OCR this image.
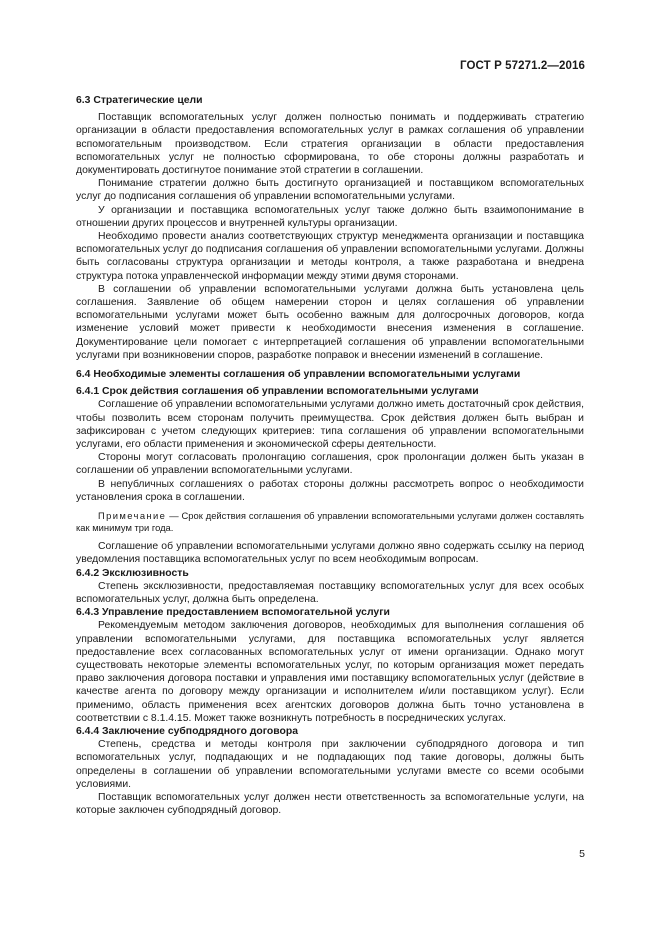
ГОСТ Р 57271.2—2016
6.3 Стратегические цели

Поставщик вспомогательных услуг должен полностью понимать и поддерживать стратегию организации в области предоставления вспомогательных услуг в рамках соглашения об управлении вспомогательным производством. Если стратегия организации в области предоставления вспомогательных услуг не полностью сформирована, то обе стороны должны разработать и документировать достигнутое понимание этой стратегии в соглашении.

Понимание стратегии должно быть достигнуто организацией и поставщиком вспомогательных услуг до подписания соглашения об управлении вспомогательными услугами.

У организации и поставщика вспомогательных услуг также должно быть взаимопонимание в отношении других процессов и внутренней культуры организации.

Необходимо провести анализ соответствующих структур менеджмента организации и поставщика вспомогательных услуг до подписания соглашения об управлении вспомогательными услугами. Должны быть согласованы структура организации и методы контроля, а также разработана и внедрена структура потока управленческой информации между этими двумя сторонами.

В соглашении об управлении вспомогательными услугами должна быть установлена цель соглашения. Заявление об общем намерении сторон и целях соглашения об управлении вспомогательными услугами может быть особенно важным для долгосрочных договоров, когда изменение условий может привести к необходимости внесения изменения в соглашение. Документирование цели помогает с интерпретацией соглашения об управлении вспомогательными услугами при возникновении споров, разработке поправок и внесении изменений в соглашение.

6.4 Необходимые элементы соглашения об управлении вспомогательными услугами
6.4.1 Срок действия соглашения об управлении вспомогательными услугами

Соглашение об управлении вспомогательными услугами должно иметь достаточный срок действия, чтобы позволить всем сторонам получить преимущества. Срок действия должен быть выбран и зафиксирован с учетом следующих критериев: типа соглашения об управлении вспомогательными услугами, его области применения и экономической сферы деятельности.

Стороны могут согласовать пролонгацию соглашения, срок пролонгации должен быть указан в соглашении об управлении вспомогательными услугами.

В непубличных соглашениях о работах стороны должны рассмотреть вопрос о необходимости установления срока в соглашении.

Примечание — Срок действия соглашения об управлении вспомогательными услугами должен составлять как минимум три года.

Соглашение об управлении вспомогательными услугами должно явно содержать ссылку на период уведомления поставщика вспомогательных услуг по всем необходимым вопросам.

6.4.2 Эксклюзивность

Степень эксклюзивности, предоставляемая поставщику вспомогательных услуг для всех особых вспомогательных услуг, должна быть определена.

6.4.3 Управление предоставлением вспомогательной услуги

Рекомендуемым методом заключения договоров, необходимых для выполнения соглашения об управлении вспомогательными услугами, для поставщика вспомогательных услуг является предоставление всех согласованных вспомогательных услуг от имени организации. Однако могут существовать некоторые элементы вспомогательных услуг, по которым организация может передать право заключения договора поставки и управления ими поставщику вспомогательных услуг (действие в качестве агента по договору между организации и исполнителем и/или поставщиком услуг). Если применимо, область применения всех агентских договоров должна быть точно установлена в соответствии с 8.1.4.15. Может также возникнуть потребность в посреднических услугах.

6.4.4 Заключение субподрядного договора

Степень, средства и методы контроля при заключении субподрядного договора и тип вспомогательных услуг, подпадающих и не подпадающих под такие договоры, должны быть определены в соглашении об управлении вспомогательными услугами вместе со всеми особыми условиями.

Поставщик вспомогательных услуг должен нести ответственность за вспомогательные услуги, на которые заключен субподрядный договор.

5
